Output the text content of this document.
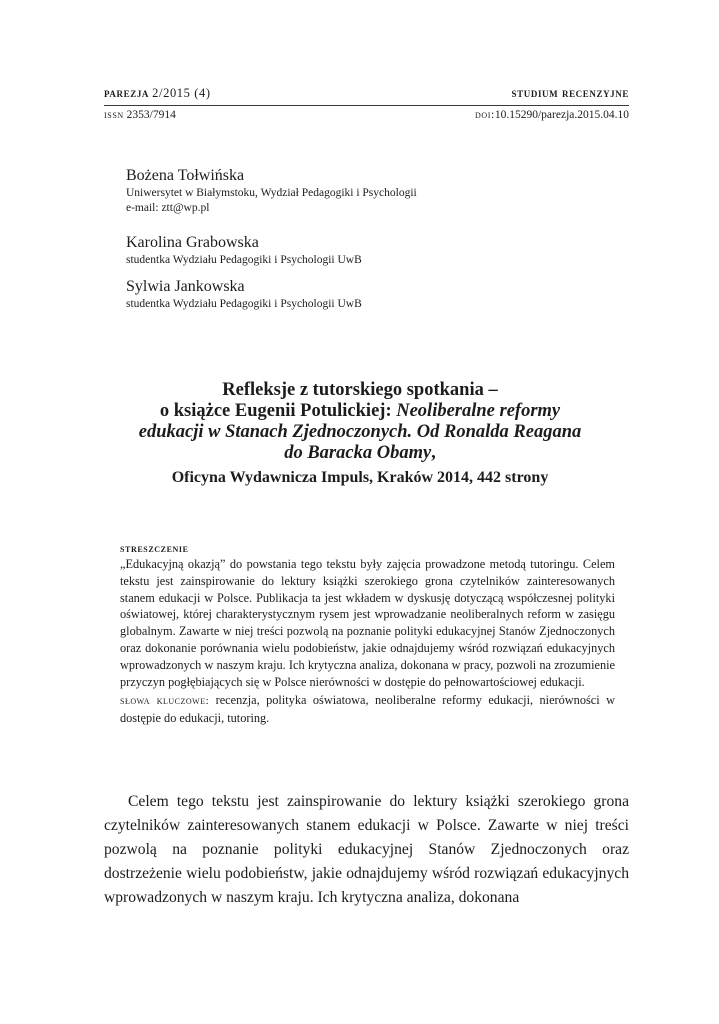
parezja 2/2015 (4)	studium recenzyjne
issn 2353/7914	doi:10.15290/parezja.2015.04.10
Bożena Tołwińska
Uniwersytet w Białymstoku, Wydział Pedagogiki i Psychologii
e-mail: ztt@wp.pl
Karolina Grabowska
studentka Wydziału Pedagogiki i Psychologii UwB
Sylwia Jankowska
studentka Wydziału Pedagogiki i Psychologii UwB
Refleksje z tutorskiego spotkania –
o książce Eugenii Potulickiej: Neoliberalne reformy
edukacji w Stanach Zjednoczonych. Od Ronalda Reagana
do Baracka Obamy,
Oficyna Wydawnicza Impuls, Kraków 2014, 442 strony
streszczenie

„Edukacyjną okazją” do powstania tego tekstu były zajęcia prowadzone metodą tutoringu. Celem tekstu jest zainspirowanie do lektury książki szerokiego grona czytelników zainteresowanych stanem edukacji w Polsce. Publikacja ta jest wkładem w dyskusję dotyczącą współczesnej polityki oświatowej, której charakterystycznym rysem jest wprowadzanie neoliberalnych reform w zasięgu globalnym. Zawarte w niej treści pozwolą na poznanie polityki edukacyjnej Stanów Zjednoczonych oraz dokonanie porównania wielu podobieństw, jakie odnajdujemy wśród rozwiązań edukacyjnych wprowadzonych w naszym kraju. Ich krytyczna analiza, dokonana w pracy, pozwoli na zrozumienie przyczyn pogłębiających się w Polsce nierówności w dostępie do pełnowartościowej edukacji.

słowa kluczowe: recenzja, polityka oświatowa, neoliberalne reformy edukacji, nierówności w dostępie do edukacji, tutoring.

Celem tego tekstu jest zainspirowanie do lektury książki szerokiego grona czytelników zainteresowanych stanem edukacji w Polsce. Zawarte w niej treści pozwolą na poznanie polityki edukacyjnej Stanów Zjednoczonych oraz dostrzeżenie wielu podobieństw, jakie odnajdujemy wśród rozwiązań edukacyjnych wprowadzonych w naszym kraju. Ich krytyczna analiza, dokonana
